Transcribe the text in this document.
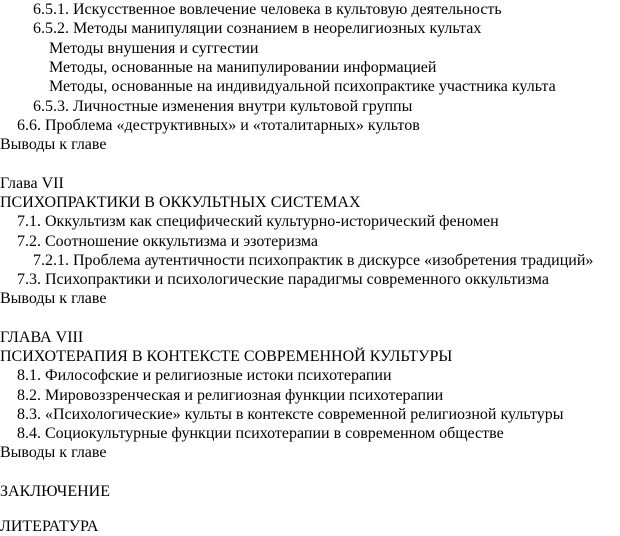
6.5.1. Искусственное вовлечение человека в культовую деятельность
6.5.2. Методы манипуляции сознанием в неорелигиозных культах
Методы внушения и суггестии
Методы, основанные на манипулировании информацией
Методы, основанные на индивидуальной психопрактике участника культа
6.5.3. Личностные изменения внутри культовой группы
6.6. Проблема «деструктивных» и «тоталитарных» культов
Выводы к главе
Глава VII
ПСИХОПРАКТИКИ В ОККУЛЬТНЫХ СИСТЕМАХ
7.1. Оккультизм как специфический культурно-исторический феномен
7.2. Соотношение оккультизма и эзотеризма
7.2.1. Проблема аутентичности психопрактик в дискурсе «изобретения традиций»
7.3. Психопрактики и психологические парадигмы современного оккультизма
Выводы к главе
ГЛАВА VIII
ПСИХОТЕРАПИЯ В КОНТЕКСТЕ СОВРЕМЕННОЙ КУЛЬТУРЫ
8.1. Философские и религиозные истоки психотерапии
8.2. Мировоззренческая и религиозная функции психотерапии
8.3. «Психологические» культы в контексте современной религиозной культуры
8.4. Социокультурные функции психотерапии в современном обществе
Выводы к главе
ЗАКЛЮЧЕНИЕ
ЛИТЕРАТУРА
